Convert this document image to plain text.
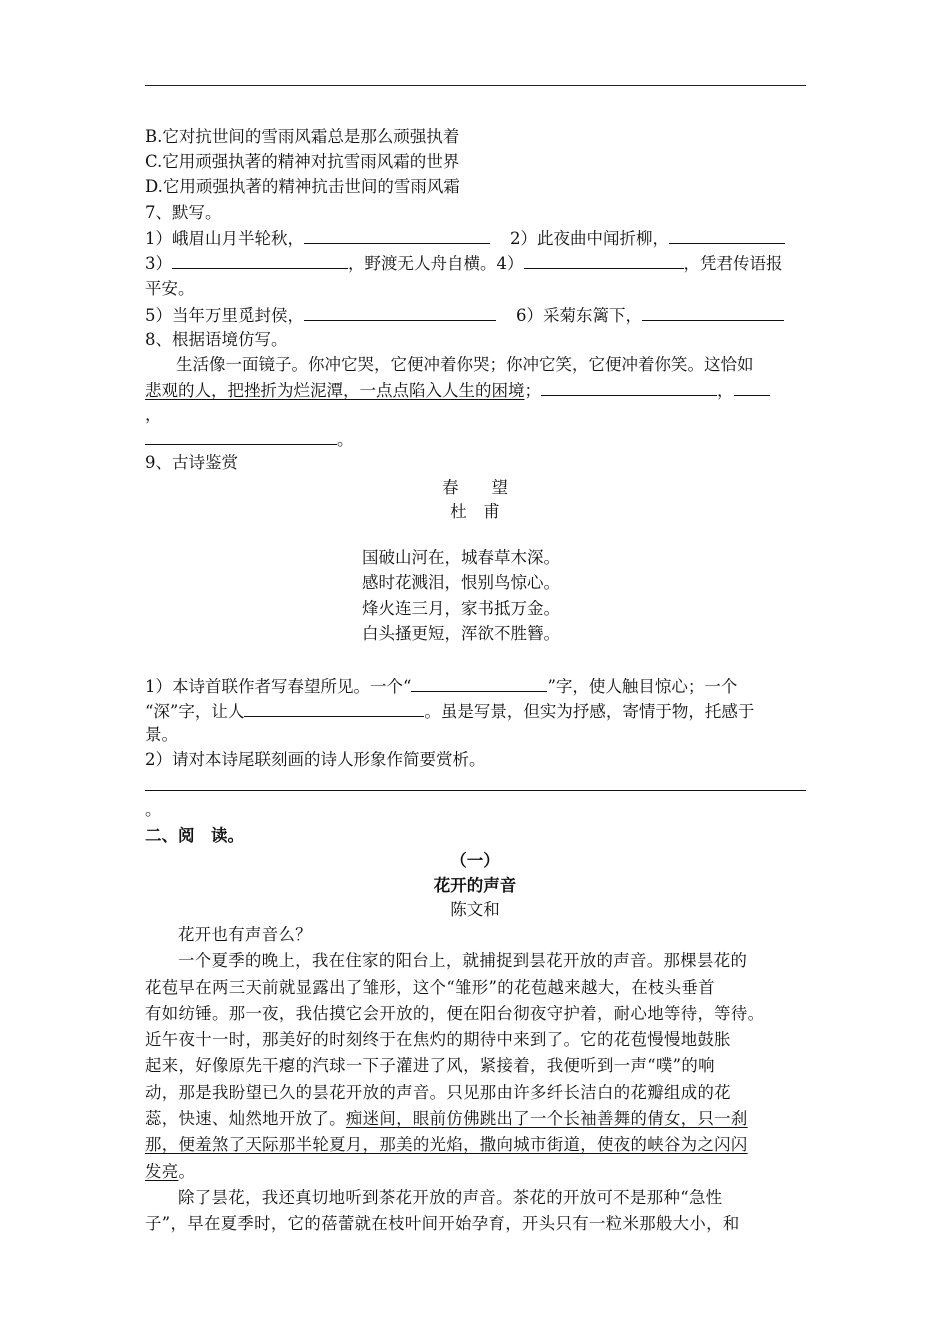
B.它对抗世间的雪雨风霜总是那么顽强执着
C.它用顽强执著的精神对抗雪雨风霜的世界
D.它用顽强执著的精神抗击世间的雪雨风霜
7、默写。
1）峨眉山月半轮秋，	2）此夜曲中闻折柳，
3）	，野渡无人舟自横。4）	，凭君传语报
平安。
5）当年万里觅封侯，	6）采菊东篱下，
8、根据语境仿写。
生活像一面镜子。你冲它哭，它便冲着你哭；你冲它笑，它便冲着你笑。这恰如
悲观的人，把挫折为烂泥潭，一点点陷入人生的困境；	，
，
。
9、古诗鉴赏
春　　望
杜　甫
国破山河在，城春草木深。
感时花溅泪，恨别鸟惊心。
烽火连三月，家书抵万金。
白头搔更短，浑欲不胜簪。
1）本诗首联作者写春望所见。一个“	”字，使人触目惊心；一个
“深”字，让人	。虽是写景，但实为抒感，寄情于物，托感于
景。
2）请对本诗尾联刻画的诗人形象作简要赏析。
。
二、阅　读。
（一）
花开的声音
陈文和
花开也有声音么？
一个夏季的晚上，我在住家的阳台上，就捕捉到昙花开放的声音。那棵昙花的
花苞早在两三天前就显露出了雏形，这个“雏形”的花苞越来越大，在枝头垂首
有如纺锤。那一夜，我估摸它会开放的，便在阳台彻夜守护着，耐心地等待，等待。
近午夜十一时，那美好的时刻终于在焦灼的期待中来到了。它的花苞慢慢地鼓胀
起来，好像原先干瘪的汽球一下子灌进了风，紧接着，我便听到一声“噗”的响
动，那是我盼望已久的昙花开放的声音。只见那由许多纤长洁白的花瓣组成的花
蕊，快速、灿然地开放了。痴迷间，眼前仿佛跳出了一个长袖善舞的倩女，只一刹
那，便羞煞了天际那半轮夏月，那美的光焰，撒向城市街道，使夜的峡谷为之闪闪
发亮。
除了昙花，我还真切地听到茶花开放的声音。茶花的开放可不是那种“急性
子”，早在夏季时，它的蓓蕾就在枝叶间开始孕育，开头只有一粒米那般大小，和
